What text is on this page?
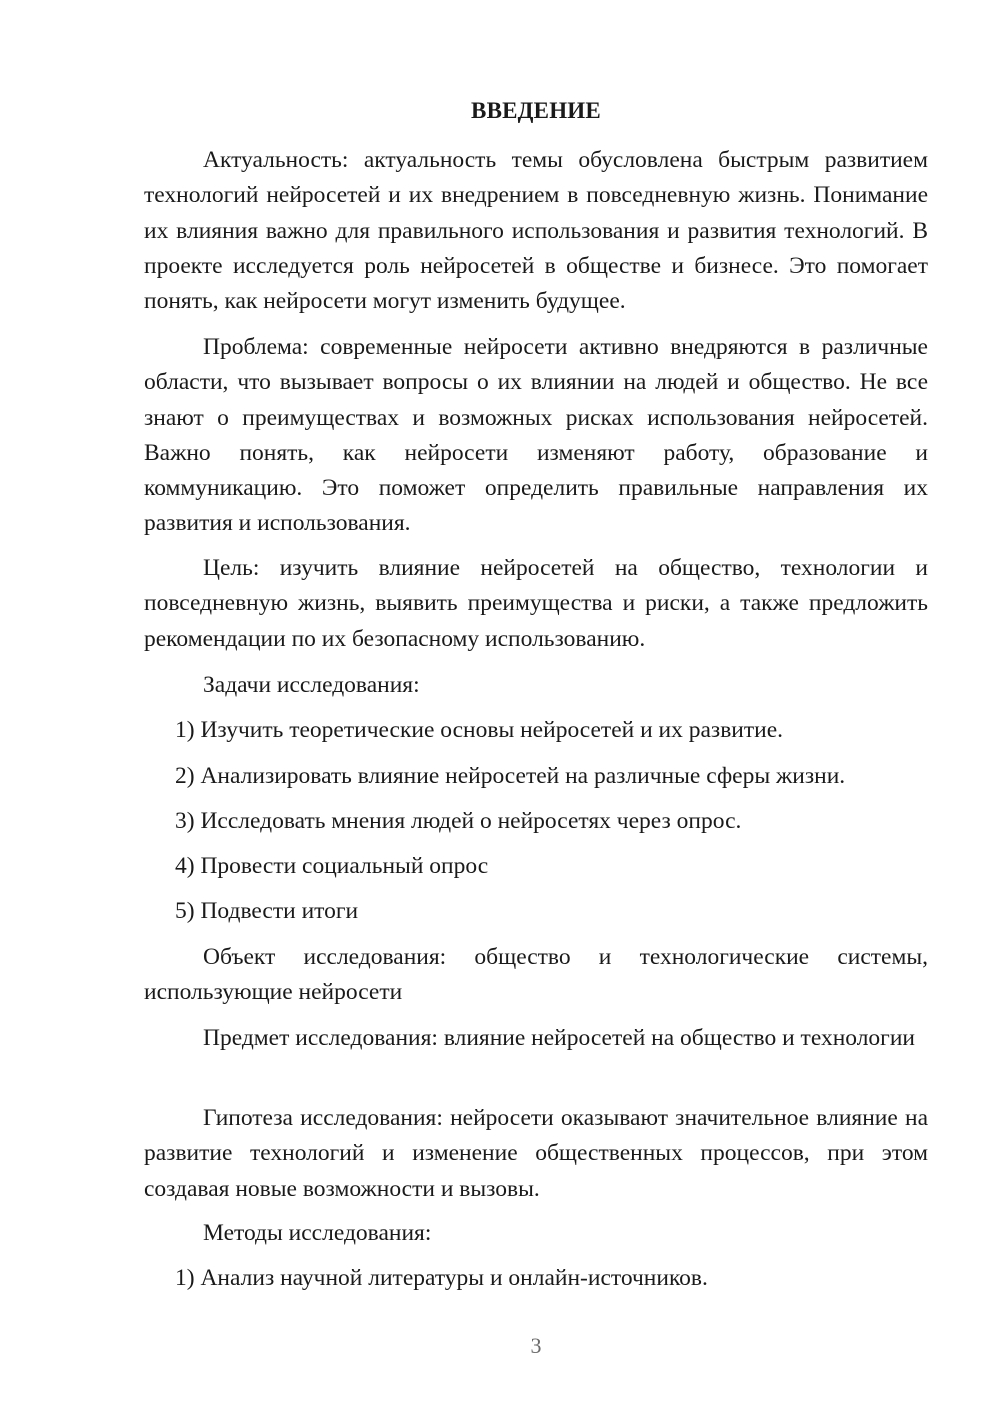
ВВЕДЕНИЕ

Актуальность: актуальность темы обусловлена быстрым развитием технологий нейросетей и их внедрением в повседневную жизнь. Понимание их влияния важно для правильного использования и развития технологий. В проекте исследуется роль нейросетей в обществе и бизнесе. Это помогает понять, как нейросети могут изменить будущее.

Проблема: современные нейросети активно внедряются в различные области, что вызывает вопросы о их влиянии на людей и общество. Не все знают о преимуществах и возможных рисках использования нейросетей. Важно понять, как нейросети изменяют работу, образование и коммуникацию. Это поможет определить правильные направления их развития и использования.

Цель: изучить влияние нейросетей на общество, технологии и повседневную жизнь, выявить преимущества и риски, а также предложить рекомендации по их безопасному использованию.

Задачи исследования:

1) Изучить теоретические основы нейросетей и их развитие.

2) Анализировать влияние нейросетей на различные сферы жизни.

3) Исследовать мнения людей о нейросетях через опрос.

4) Провести социальный опрос

5) Подвести итоги

Объект исследования: общество и технологические системы, использующие нейросети

Предмет исследования: влияние нейросетей на общество и технологии

Гипотеза исследования: нейросети оказывают значительное влияние на развитие технологий и изменение общественных процессов, при этом создавая новые возможности и вызовы.

Методы исследования:

1) Анализ научной литературы и онлайн-источников.

3
